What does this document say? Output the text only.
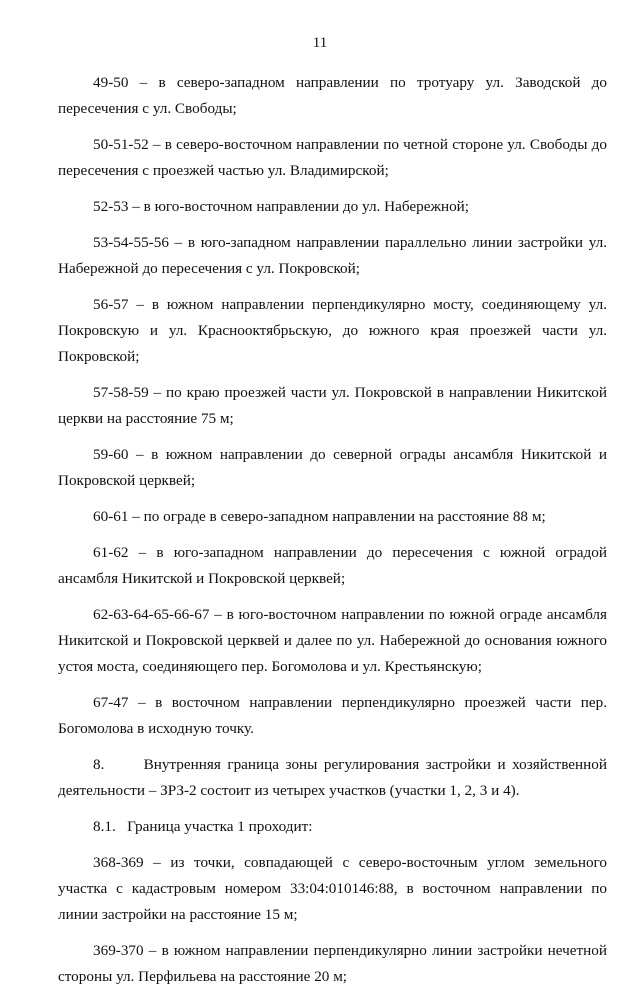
11

49-50 – в северо-западном направлении по тротуару ул. Заводской до пересечения с ул. Свободы;

50-51-52 – в северо-восточном направлении по четной стороне ул. Свободы до пересечения с проезжей частью ул. Владимирской;

52-53 – в юго-восточном направлении до ул. Набережной;

53-54-55-56 – в юго-западном направлении параллельно линии застройки ул. Набережной до пересечения с ул. Покровской;

56-57 – в южном направлении перпендикулярно мосту, соединяющему ул. Покровскую и ул. Краснооктябрьскую, до южного края проезжей части ул. Покровской;

57-58-59 – по краю проезжей части ул. Покровской в направлении Никитской церкви на расстояние 75 м;

59-60 – в южном направлении до северной ограды ансамбля Никитской и Покровской церквей;

60-61 – по ограде в северо-западном направлении на расстояние 88 м;

61-62 – в юго-западном направлении до пересечения с южной оградой ансамбля Никитской и Покровской церквей;

62-63-64-65-66-67 – в юго-восточном направлении по южной ограде ансамбля Никитской и Покровской церквей и далее по ул. Набережной до основания южного устоя моста, соединяющего пер. Богомолова и ул. Крестьянскую;

67-47 – в восточном направлении перпендикулярно проезжей части пер. Богомолова в исходную точку.

8.      Внутренняя граница зоны регулирования застройки и хозяйственной деятельности – ЗРЗ-2 состоит из четырех участков (участки 1, 2, 3 и 4).

8.1.   Граница участка 1 проходит:

368-369 – из точки, совпадающей с северо-восточным углом земельного участка с кадастровым номером 33:04:010146:88, в восточном направлении по линии застройки на расстояние 15 м;

369-370 – в южном направлении перпендикулярно линии застройки нечетной стороны ул. Перфильева на расстояние 20 м;
